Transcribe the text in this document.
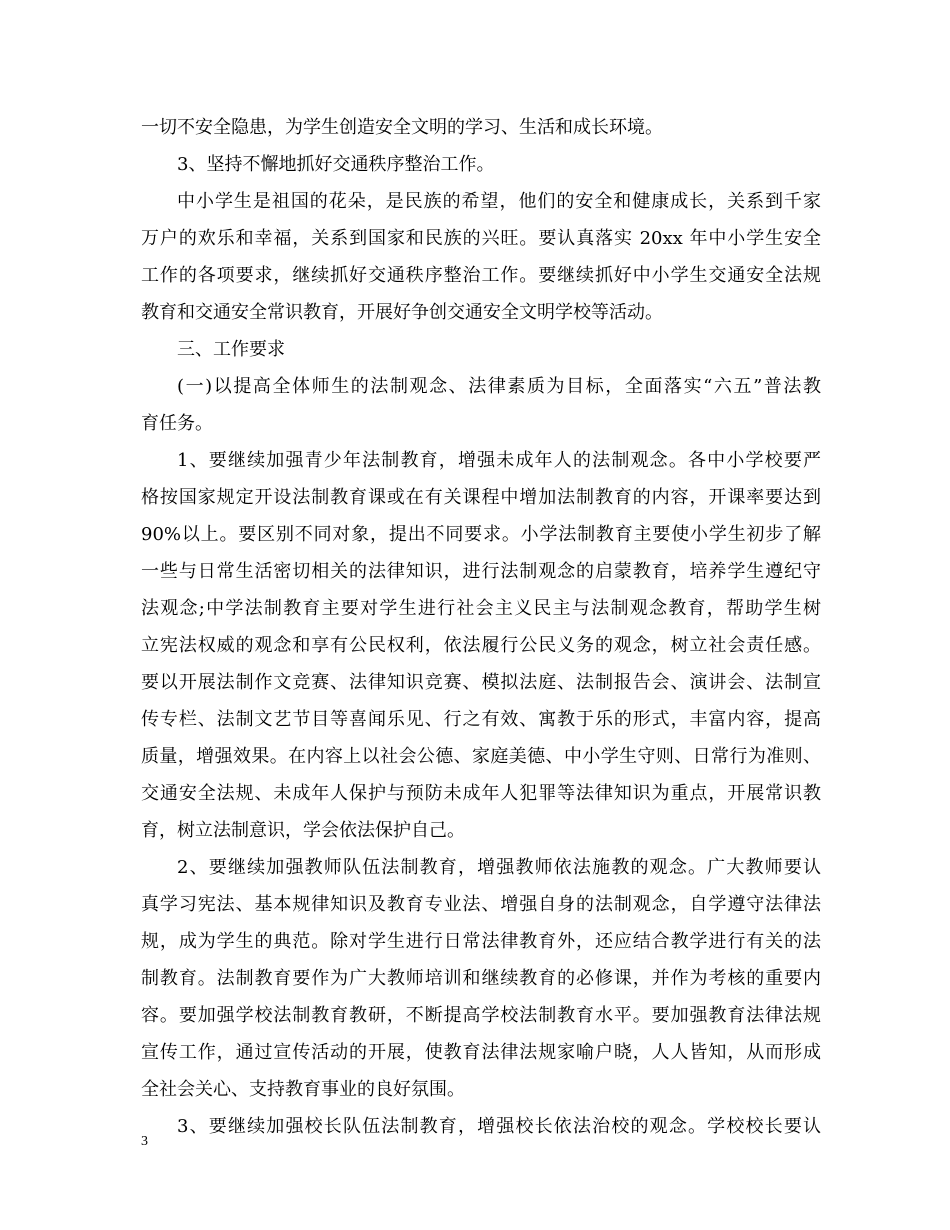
一切不安全隐患，为学生创造安全文明的学习、生活和成长环境。
3、坚持不懈地抓好交通秩序整治工作。
中小学生是祖国的花朵，是民族的希望，他们的安全和健康成长，关系到千家
万户的欢乐和幸福，关系到国家和民族的兴旺。要认真落实 20xx 年中小学生安全
工作的各项要求，继续抓好交通秩序整治工作。要继续抓好中小学生交通安全法规
教育和交通安全常识教育，开展好争创交通安全文明学校等活动。
三、工作要求
(一)以提高全体师生的法制观念、法律素质为目标，全面落实“六五”普法教
育任务。
1、要继续加强青少年法制教育，增强未成年人的法制观念。各中小学校要严
格按国家规定开设法制教育课或在有关课程中增加法制教育的内容，开课率要达到
90%以上。要区别不同对象，提出不同要求。小学法制教育主要使小学生初步了解
一些与日常生活密切相关的法律知识，进行法制观念的启蒙教育，培养学生遵纪守
法观念;中学法制教育主要对学生进行社会主义民主与法制观念教育，帮助学生树
立宪法权威的观念和享有公民权利，依法履行公民义务的观念，树立社会责任感。
要以开展法制作文竞赛、法律知识竞赛、模拟法庭、法制报告会、演讲会、法制宣
传专栏、法制文艺节目等喜闻乐见、行之有效、寓教于乐的形式，丰富内容，提高
质量，增强效果。在内容上以社会公德、家庭美德、中小学生守则、日常行为准则、
交通安全法规、未成年人保护与预防未成年人犯罪等法律知识为重点，开展常识教
育，树立法制意识，学会依法保护自己。
2、要继续加强教师队伍法制教育，增强教师依法施教的观念。广大教师要认
真学习宪法、基本规律知识及教育专业法、增强自身的法制观念，自学遵守法律法
规，成为学生的典范。除对学生进行日常法律教育外，还应结合教学进行有关的法
制教育。法制教育要作为广大教师培训和继续教育的必修课，并作为考核的重要内
容。要加强学校法制教育教研，不断提高学校法制教育水平。要加强教育法律法规
宣传工作，通过宣传活动的开展，使教育法律法规家喻户晓，人人皆知，从而形成
全社会关心、支持教育事业的良好氛围。
3、要继续加强校长队伍法制教育，增强校长依法治校的观念。学校校长要认
3
